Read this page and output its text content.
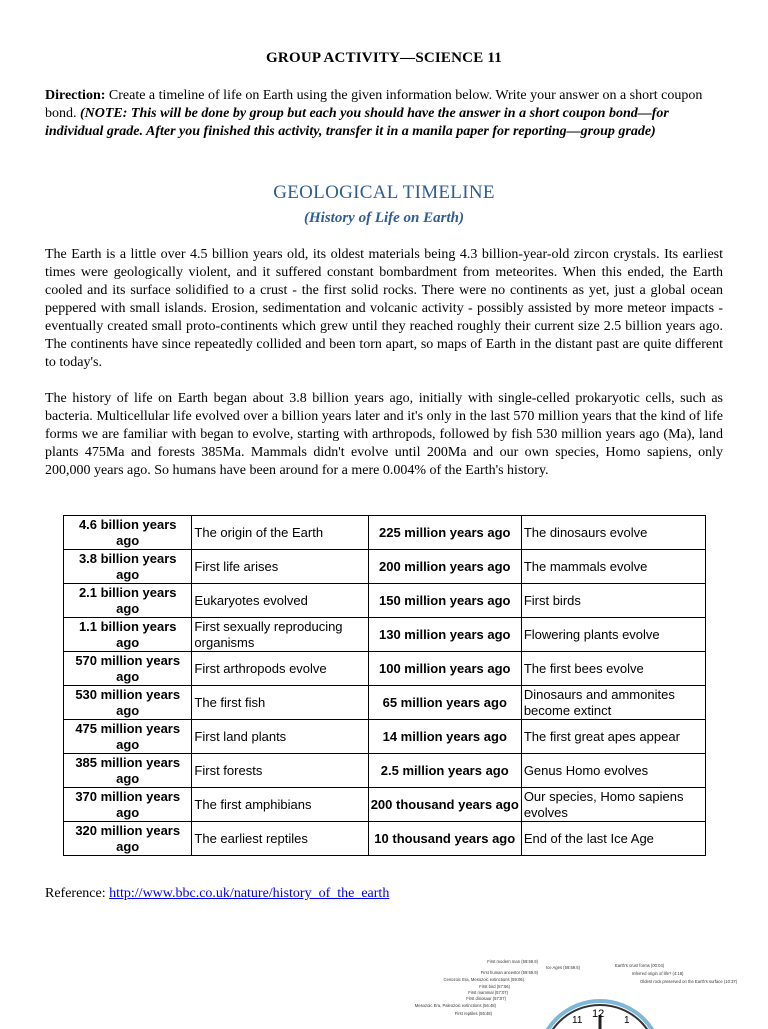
GROUP ACTIVITY—SCIENCE 11
Direction: Create a timeline of life on Earth using the given information below. Write your answer on a short coupon bond. (NOTE: This will be done by group but each you should have the answer in a short coupon bond—for individual grade. After you finished this activity, transfer it in a manila paper for reporting—group grade)
GEOLOGICAL TIMELINE
(History of Life on Earth)
The Earth is a little over 4.5 billion years old, its oldest materials being 4.3 billion-year-old zircon crystals. Its earliest times were geologically violent, and it suffered constant bombardment from meteorites. When this ended, the Earth cooled and its surface solidified to a crust - the first solid rocks. There were no continents as yet, just a global ocean peppered with small islands. Erosion, sedimentation and volcanic activity - possibly assisted by more meteor impacts - eventually created small proto-continents which grew until they reached roughly their current size 2.5 billion years ago. The continents have since repeatedly collided and been torn apart, so maps of Earth in the distant past are quite different to today's.
The history of life on Earth began about 3.8 billion years ago, initially with single-celled prokaryotic cells, such as bacteria. Multicellular life evolved over a billion years later and it's only in the last 570 million years that the kind of life forms we are familiar with began to evolve, starting with arthropods, followed by fish 530 million years ago (Ma), land plants 475Ma and forests 385Ma. Mammals didn't evolve until 200Ma and our own species, Homo sapiens, only 200,000 years ago. So humans have been around for a mere 0.004% of the Earth's history.
4.6 billion years ago	The origin of the Earth	225 million years ago	The dinosaurs evolve
3.8 billion years ago	First life arises	200 million years ago	The mammals evolve
2.1 billion years ago	Eukaryotes evolved	150 million years ago	First birds
1.1 billion years ago	First sexually reproducing organisms	130 million years ago	Flowering plants evolve
570 million years ago	First arthropods evolve	100 million years ago	The first bees evolve
530 million years ago	The first fish	65 million years ago	Dinosaurs and ammonites become extinct
475 million years ago	First land plants	14 million years ago	The first great apes appear
385 million years ago	First forests	2.5 million years ago	Genus Homo evolves
370 million years ago	The first amphibians	200 thousand years ago	Our species, Homo sapiens evolves
320 million years ago	The earliest reptiles	10 thousand years ago	End of the last Ice Age
Reference: http://www.bbc.co.uk/nature/history_of_the_earth
12
11	1
First modern man (59:59.9)
Ice Ages (59:59.5)
First human ancestor (59:59.9)
Cenozoic Era, Mesozoic extinctions (59:06)
First bird (57:56)
First mammal (57:07)
First dinosaur (57:07)
Mesozoic Era, Paleozoic extinctions (56:48)
First reptiles (55:48)
Earth's crust forms (00:04)
Inferred origin of life? (4:18)
Oldest rock preserved on the Earth's surface (10:37)
